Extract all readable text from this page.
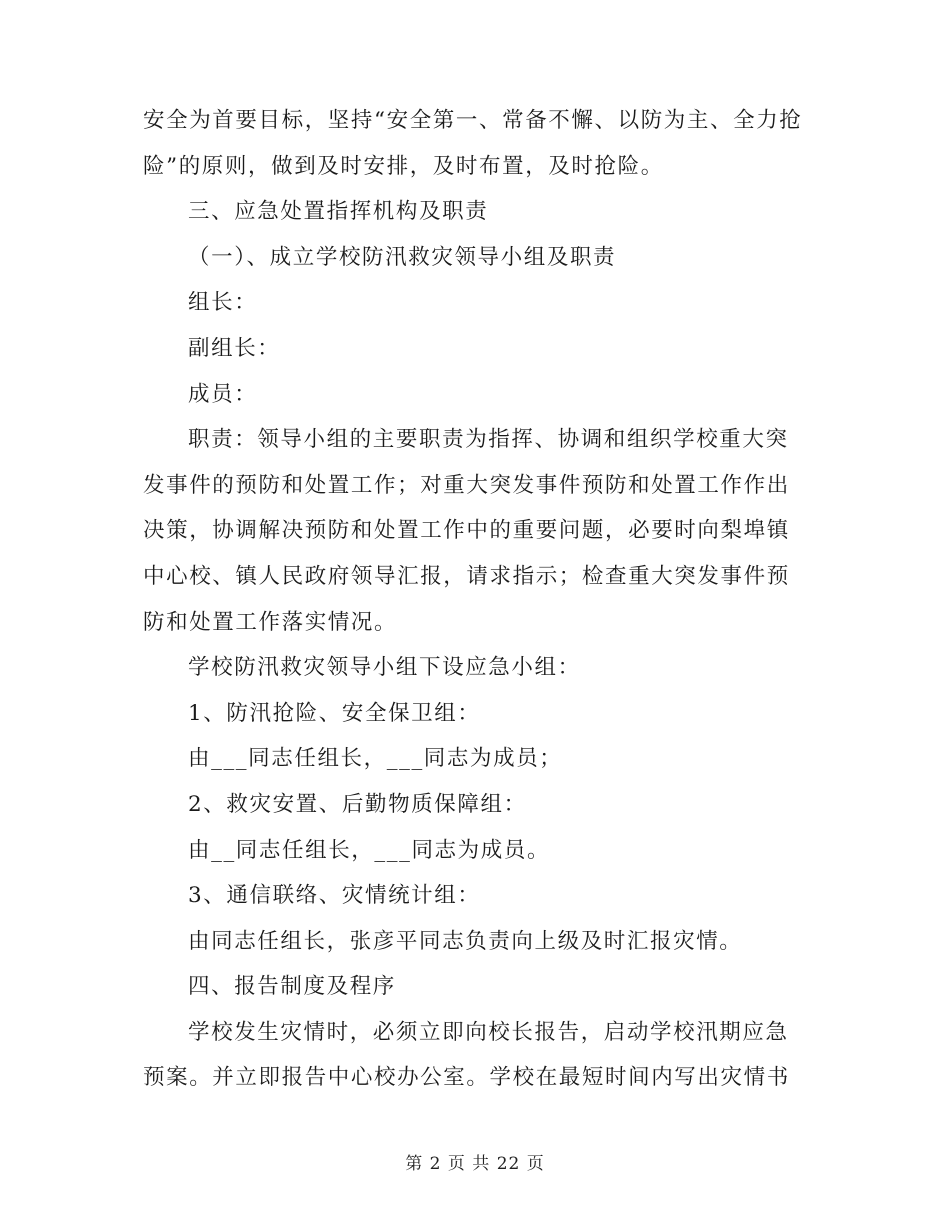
安全为首要目标，坚持“安全第一、常备不懈、以防为主、全力抢险”的原则，做到及时安排，及时布置，及时抢险。

三、应急处置指挥机构及职责

（一）、成立学校防汛救灾领导小组及职责

组长：

副组长：

成员：

职责：领导小组的主要职责为指挥、协调和组织学校重大突发事件的预防和处置工作；对重大突发事件预防和处置工作作出决策，协调解决预防和处置工作中的重要问题，必要时向梨埠镇中心校、镇人民政府领导汇报，请求指示；检查重大突发事件预防和处置工作落实情况。

学校防汛救灾领导小组下设应急小组：

1、防汛抢险、安全保卫组：

由___同志任组长，___同志为成员；

2、救灾安置、后勤物质保障组：

由__同志任组长，___同志为成员。

3、通信联络、灾情统计组：

由同志任组长，张彦平同志负责向上级及时汇报灾情。

四、报告制度及程序

学校发生灾情时，必须立即向校长报告，启动学校汛期应急预案。并立即报告中心校办公室。学校在最短时间内写出灾情书

第 2 页 共 22 页
